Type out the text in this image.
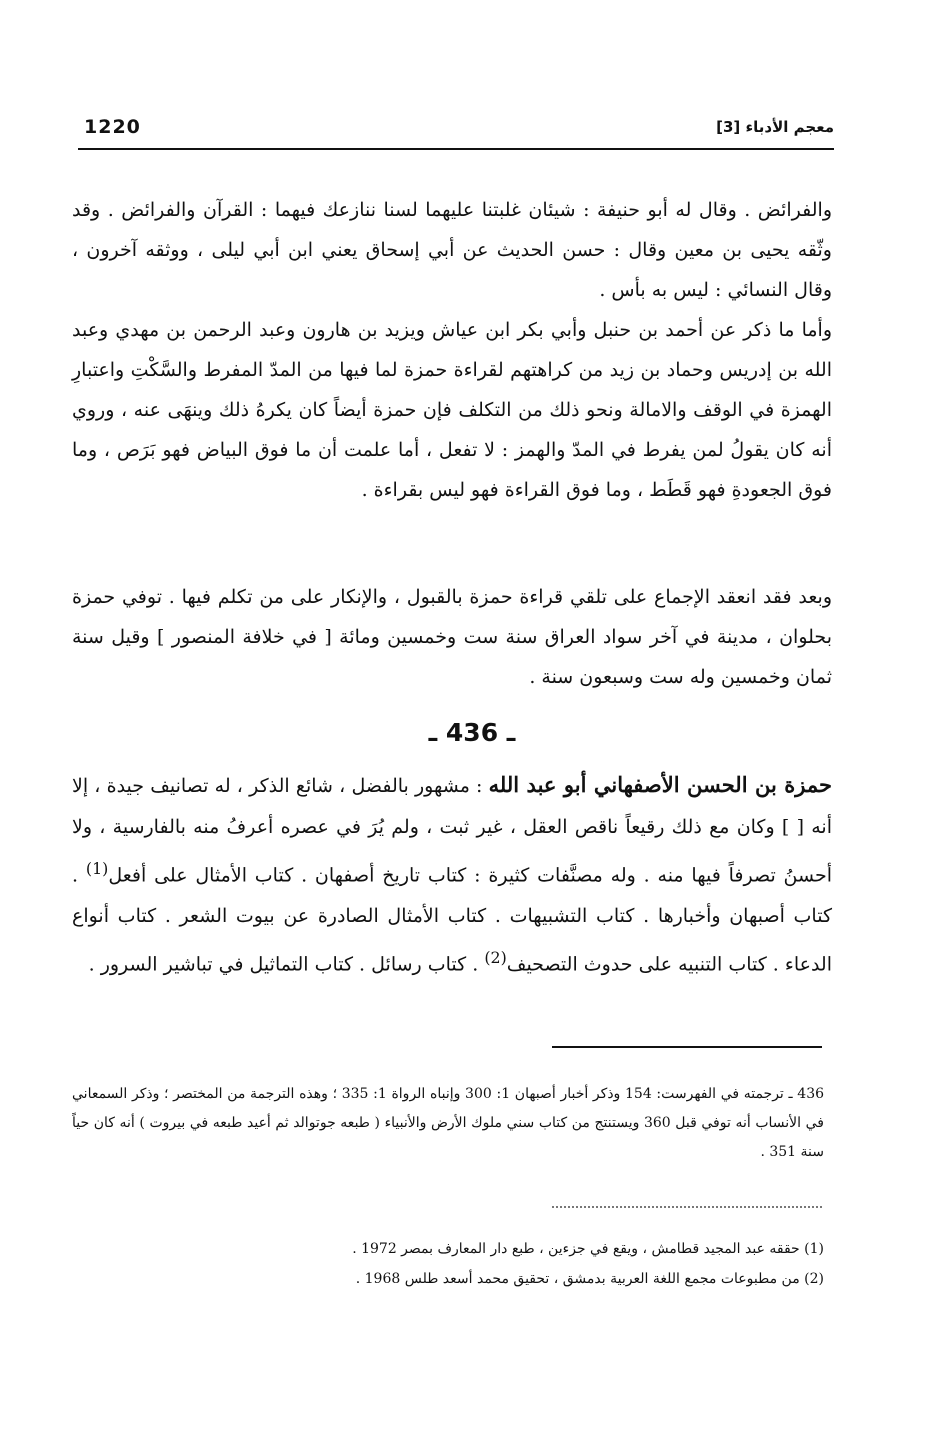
1220	معجم الأدباء [3]

والفرائض . وقال له أبو حنيفة : شيئان غلبتنا عليهما لسنا ننازعك فيهما : القرآن والفرائض . وقد وثّقه يحيى بن معين وقال : حسن الحديث عن أبي إسحاق يعني ابن أبي ليلى ، ووثقه آخرون ، وقال النسائي : ليس به بأس .

وأما ما ذكر عن أحمد بن حنبل وأبي بكر ابن عياش ويزيد بن هارون وعبد الرحمن بن مهدي وعبد الله بن إدريس وحماد بن زيد من كراهتهم لقراءة حمزة لما فيها من المدّ المفرط والسَّكْتِ واعتبارِ الهمزة في الوقف والامالة ونحو ذلك من التكلف فإن حمزة أيضاً كان يكرهُ ذلك وينهَى عنه ، وروي أنه كان يقولُ لمن يفرط في المدّ والهمز : لا تفعل ، أما علمت أن ما فوق البياض فهو بَرَص ، وما فوق الجعودةِ فهو قَطَط ، وما فوق القراءة فهو ليس بقراءة .

وبعد فقد انعقد الإجماع على تلقي قراءة حمزة بالقبول ، والإنكار على من تكلم فيها . توفي حمزة بحلوان ، مدينة في آخر سواد العراق سنة ست وخمسين ومائة [ في خلافة المنصور ] وقيل سنة ثمان وخمسين وله ست وسبعون سنة .

ـ 436 ـ

حمزة بن الحسن الأصفهاني أبو عبد الله : مشهور بالفضل ، شائع الذكر ، له تصانيف جيدة ، إلا أنه [ ] وكان مع ذلك رقيعاً ناقص العقل ، غير ثبت ، ولم يُرَ في عصره أعرفُ منه بالفارسية ، ولا أحسنُ تصرفاً فيها منه . وله مصنَّفات كثيرة : كتاب تاريخ أصفهان . كتاب الأمثال على أفعل$^{(1)}$ . كتاب أصبهان وأخبارها . كتاب التشبيهات . كتاب الأمثال الصادرة عن بيوت الشعر . كتاب أنواع الدعاء . كتاب التنبيه على حدوث التصحيف$^{(2)}$ . كتاب رسائل . كتاب التماثيل في تباشير السرور .

436 ـ ترجمته في الفهرست: 154 وذكر أخبار أصبهان 1: 300 وإنباه الرواة 1: 335 ؛ وهذه الترجمة من المختصر ؛ وذكر السمعاني في الأنساب أنه توفي قبل 360 ويستنتج من كتاب سني ملوك الأرض والأنبياء ( طبعه جوتوالد ثم أعيد طبعه في بيروت ) أنه كان حياً سنة 351 .

(1) حققه عبد المجيد قطامش ، ويقع في جزءين ، طبع دار المعارف بمصر 1972 .

(2) من مطبوعات مجمع اللغة العربية بدمشق ، تحقيق محمد أسعد طلس 1968 .
